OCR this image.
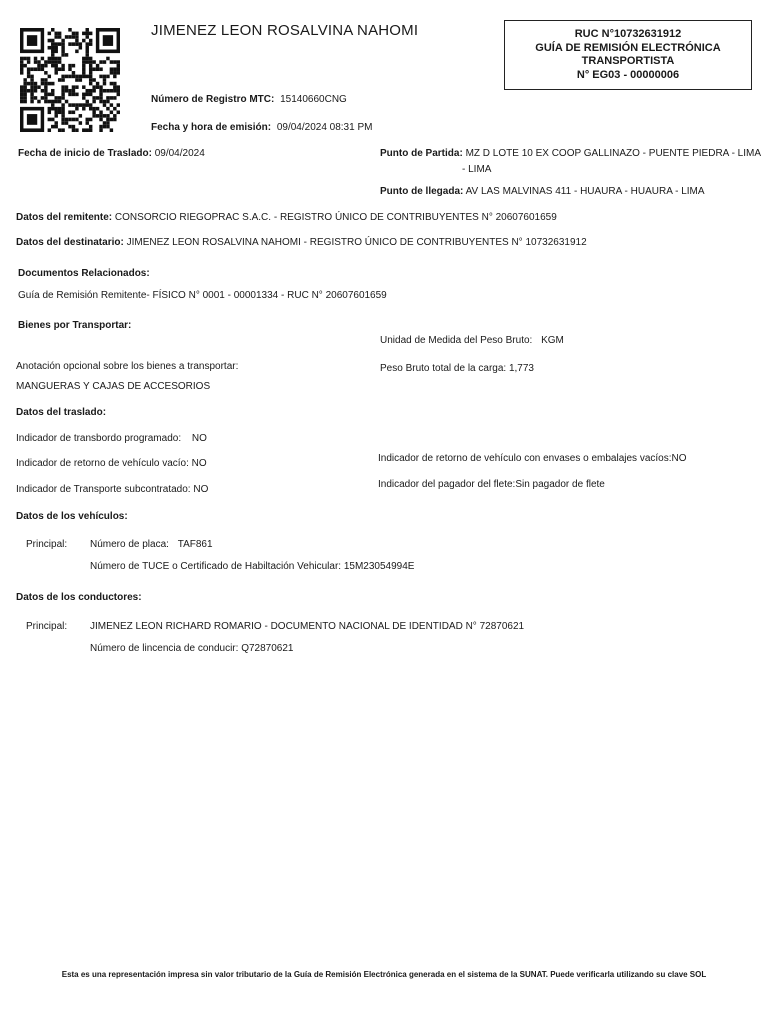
JIMENEZ LEON ROSALVINA NAHOMI	RUC N°10732631912
GUÍA DE REMISIÓN ELECTRÓNICA
TRANSPORTISTA
N° EG03 - 00000006
Número de Registro MTC: 15140660CNG
Fecha y hora de emisión: 09/04/2024 08:31 PM
Fecha de inicio de Traslado: 09/04/2024	Punto de Partida: MZ D LOTE 10 EX COOP GALLINAZO - PUENTE PIEDRA - LIMA
- LIMA
Punto de llegada: AV LAS MALVINAS 411 - HUAURA - HUAURA - LIMA
Datos del remitente: CONSORCIO RIEGOPRAC S.A.C. - REGISTRO ÚNICO DE CONTRIBUYENTES N° 20607601659
Datos del destinatario: JIMENEZ LEON ROSALVINA NAHOMI - REGISTRO ÚNICO DE CONTRIBUYENTES N° 10732631912
Documentos Relacionados:
Guía de Remisión Remitente- FÍSICO N° 0001 - 00001334 - RUC N° 20607601659
Bienes por Transportar:
Unidad de Medida del Peso Bruto: KGM
Anotación opcional sobre los bienes a transportar:	Peso Bruto total de la carga: 1,773
MANGUERAS Y CAJAS DE ACCESORIOS
Datos del traslado:
Indicador de transbordo programado: NO
Indicador de retorno de vehículo con envases o embalajes vacíos:NO
Indicador de retorno de vehículo vacío: NO
Indicador del pagador del flete:Sin pagador de flete
Indicador de Transporte subcontratado: NO
Datos de los vehículos:
Principal: Número de placa: TAF861
Número de TUCE o Certificado de Habiltación Vehicular: 15M23054994E
Datos de los conductores:
Principal: JIMENEZ LEON RICHARD ROMARIO - DOCUMENTO NACIONAL DE IDENTIDAD N° 72870621
Número de lincencia de conducir: Q72870621
Esta es una representación impresa sin valor tributario de la Guía de Remisión Electrónica generada en el sistema de la SUNAT. Puede verificarla utilizando su clave SOL
